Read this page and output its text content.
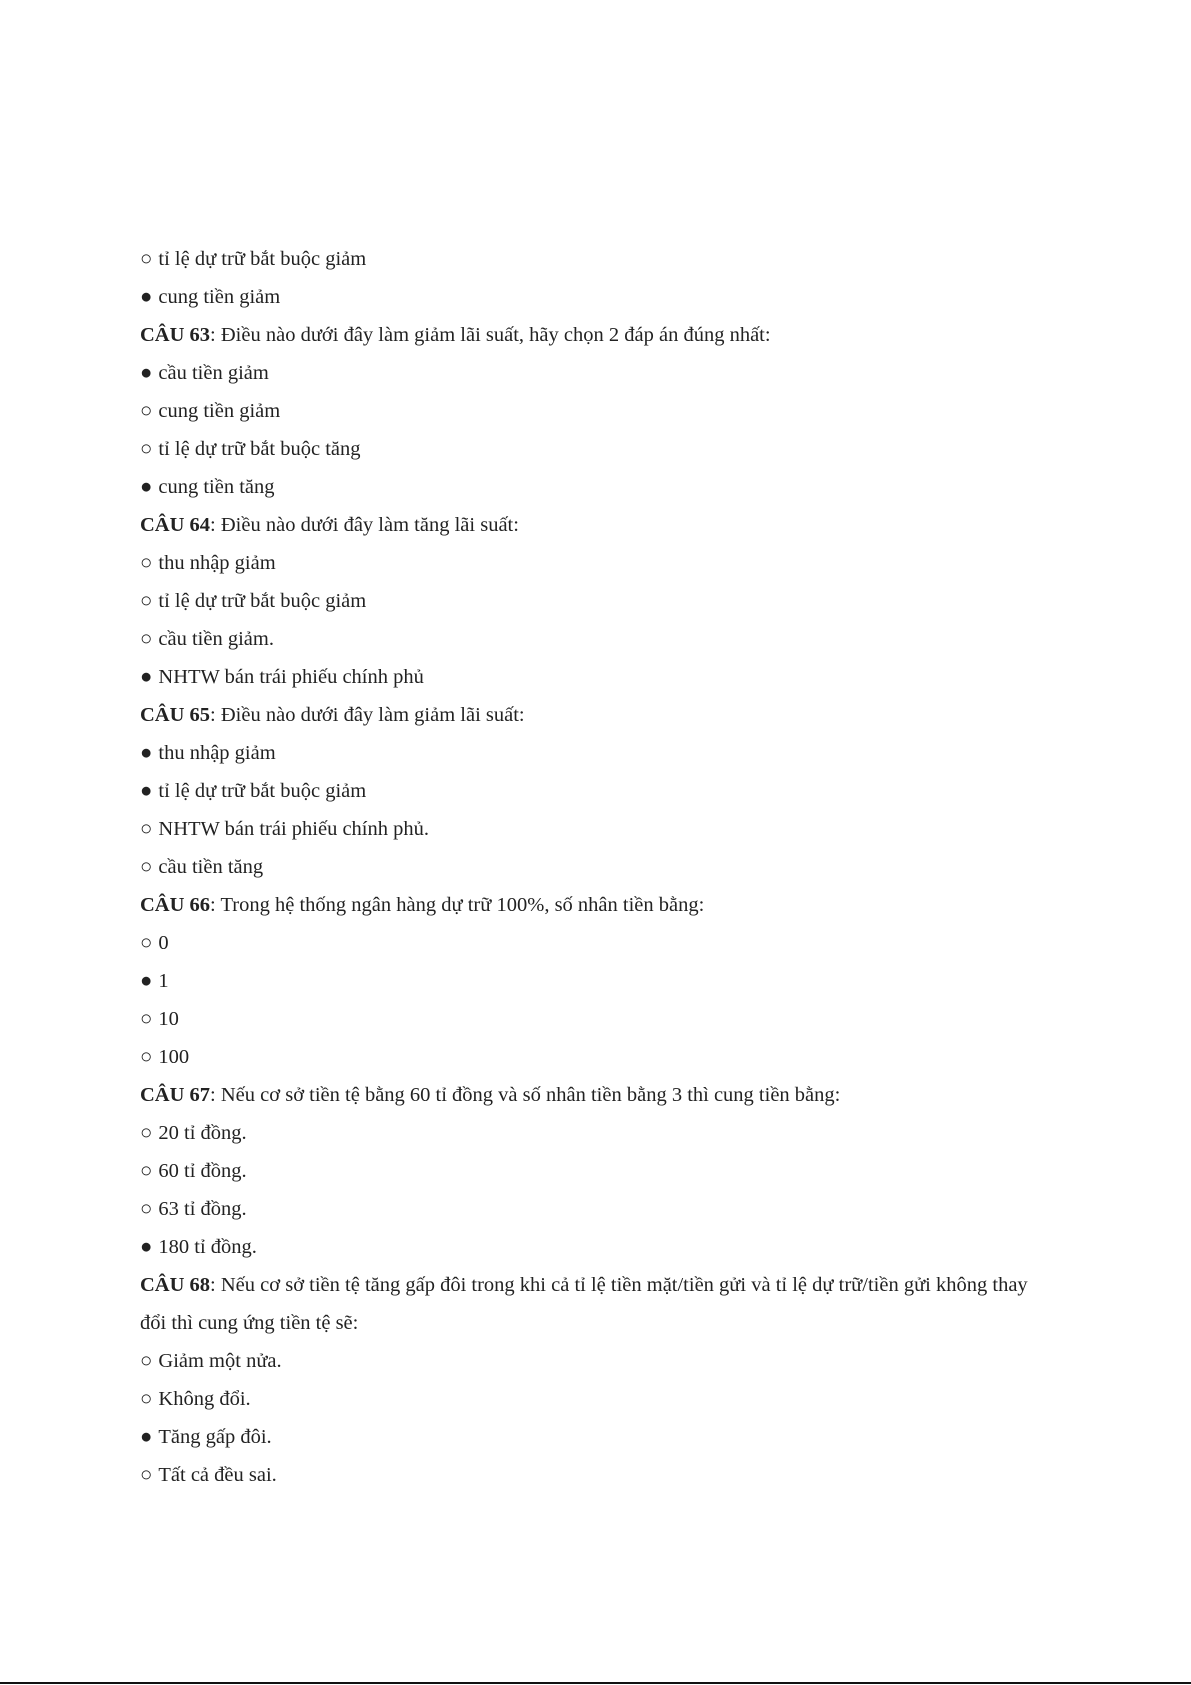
○ tỉ lệ dự trữ bắt buộc giảm
● cung tiền giảm
CÂU 63: Điều nào dưới đây làm giảm lãi suất, hãy chọn 2 đáp án đúng nhất:
● cầu tiền giảm
○ cung tiền giảm
○ tỉ lệ dự trữ bắt buộc tăng
● cung tiền tăng
CÂU 64: Điều nào dưới đây làm tăng lãi suất:
○ thu nhập giảm
○ tỉ lệ dự trữ bắt buộc giảm
○ cầu tiền giảm.
● NHTW bán trái phiếu chính phủ
CÂU 65: Điều nào dưới đây làm giảm lãi suất:
● thu nhập giảm
● tỉ lệ dự trữ bắt buộc giảm
○ NHTW bán trái phiếu chính phủ.
○ cầu tiền tăng
CÂU 66: Trong hệ thống ngân hàng dự trữ 100%, số nhân tiền bằng:
○ 0
● 1
○ 10
○ 100
CÂU 67: Nếu cơ sở tiền tệ bằng 60 tỉ đồng và số nhân tiền bằng 3 thì cung tiền bằng:
○ 20 tỉ đồng.
○ 60 tỉ đồng.
○ 63 tỉ đồng.
● 180 tỉ đồng.
CÂU 68: Nếu cơ sở tiền tệ tăng gấp đôi trong khi cả tỉ lệ tiền mặt/tiền gửi và tỉ lệ dự trữ/tiền gửi không thay đổi thì cung ứng tiền tệ sẽ:
○ Giảm một nửa.
○ Không đổi.
● Tăng gấp đôi.
○ Tất cả đều sai.
